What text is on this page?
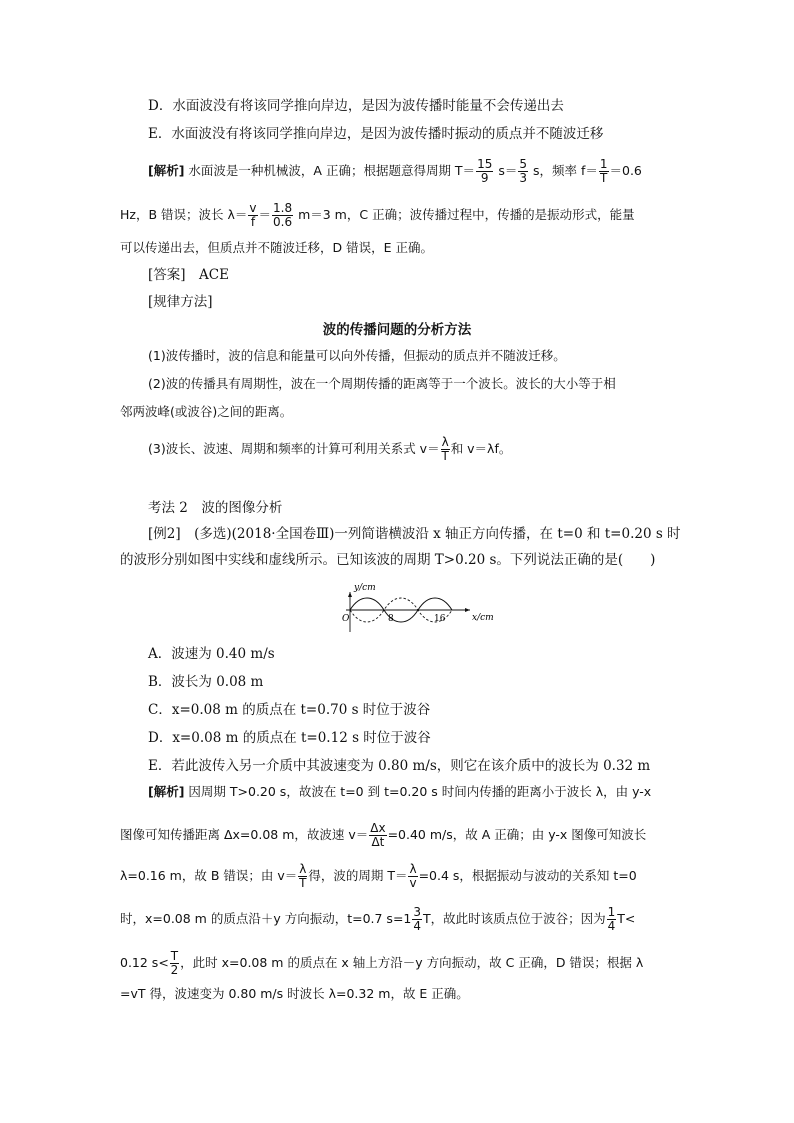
D．水面波没有将该同学推向岸边，是因为波传播时能量不会传递出去
E．水面波没有将该同学推向岸边，是因为波传播时振动的质点并不随波迁移
[解析] 水面波是一种机械波，A 正确；根据题意得周期 $T= \frac{15}{9} s= \frac{5}{3}$ s，频率 $f= \frac{1}{T} =0.6$
Hz，B 错误；波长 $\lambda= \frac{v}{f} = \frac{1.8}{0.6} m=3$ m，C 正确；波传播过程中，传播的是振动形式，能量
可以传递出去，但质点并不随波迁移，D 错误，E 正确。
[答案]　ACE
[规律方法]
波的传播问题的分析方法
(1)波传播时，波的信息和能量可以向外传播，但振动的质点并不随波迁移。
(2)波的传播具有周期性，波在一个周期传播的距离等于一个波长。波长的大小等于相
邻两波峰(或波谷)之间的距离。
(3)波长、波速、周期和频率的计算可利用关系式 $v= \frac{\lambda}{T}$ 和 v＝λf。
考法 2　波的图像分析
[例2]　(多选)(2018·全国卷Ⅲ)一列简谐横波沿 x 轴正方向传播，在 t=0 和 t=0.20 s 时
的波形分别如图中实线和虚线所示。已知该波的周期 T>0.20 s。下列说法正确的是(　　)
y/cm
x/cm
O	8	16
A．波速为 0.40 m/s
B．波长为 0.08 m
C．x=0.08 m 的质点在 t=0.70 s 时位于波谷
D．x=0.08 m 的质点在 t=0.12 s 时位于波谷
E．若此波传入另一介质中其波速变为 0.80 m/s，则它在该介质中的波长为 0.32 m
[解析] 因周期 T>0.20 s，故波在 t=0 到 t=0.20 s 时间内传播的距离小于波长 λ，由 y-x
图像可知传播距离 Δx=0.08 m，故波速 $v= \frac{\Delta x}{\Delta t} =0.40$ m/s，故 A 正确；由 y-x 图像可知波长
λ=0.16 m，故 B 错误；由 $v= \frac{\lambda}{T}$ 得，波的周期 $T= \frac{\lambda}{v} =0.4$ s，根据振动与波动的关系知 t=0
时，x=0.08 m 的质点沿＋y 方向振动，t=0.7 $s=1 \frac{3}{4}$ T，故此时该质点位于波谷；因为 $\frac{1}{4} T<$
0.12 $s< \frac{T}{2}$ ，此时 x=0.08 m 的质点在 x 轴上方沿－y 方向振动，故 C 正确，D 错误；根据 λ
=vT 得，波速变为 0.80 m/s 时波长 λ=0.32 m，故 E 正确。
